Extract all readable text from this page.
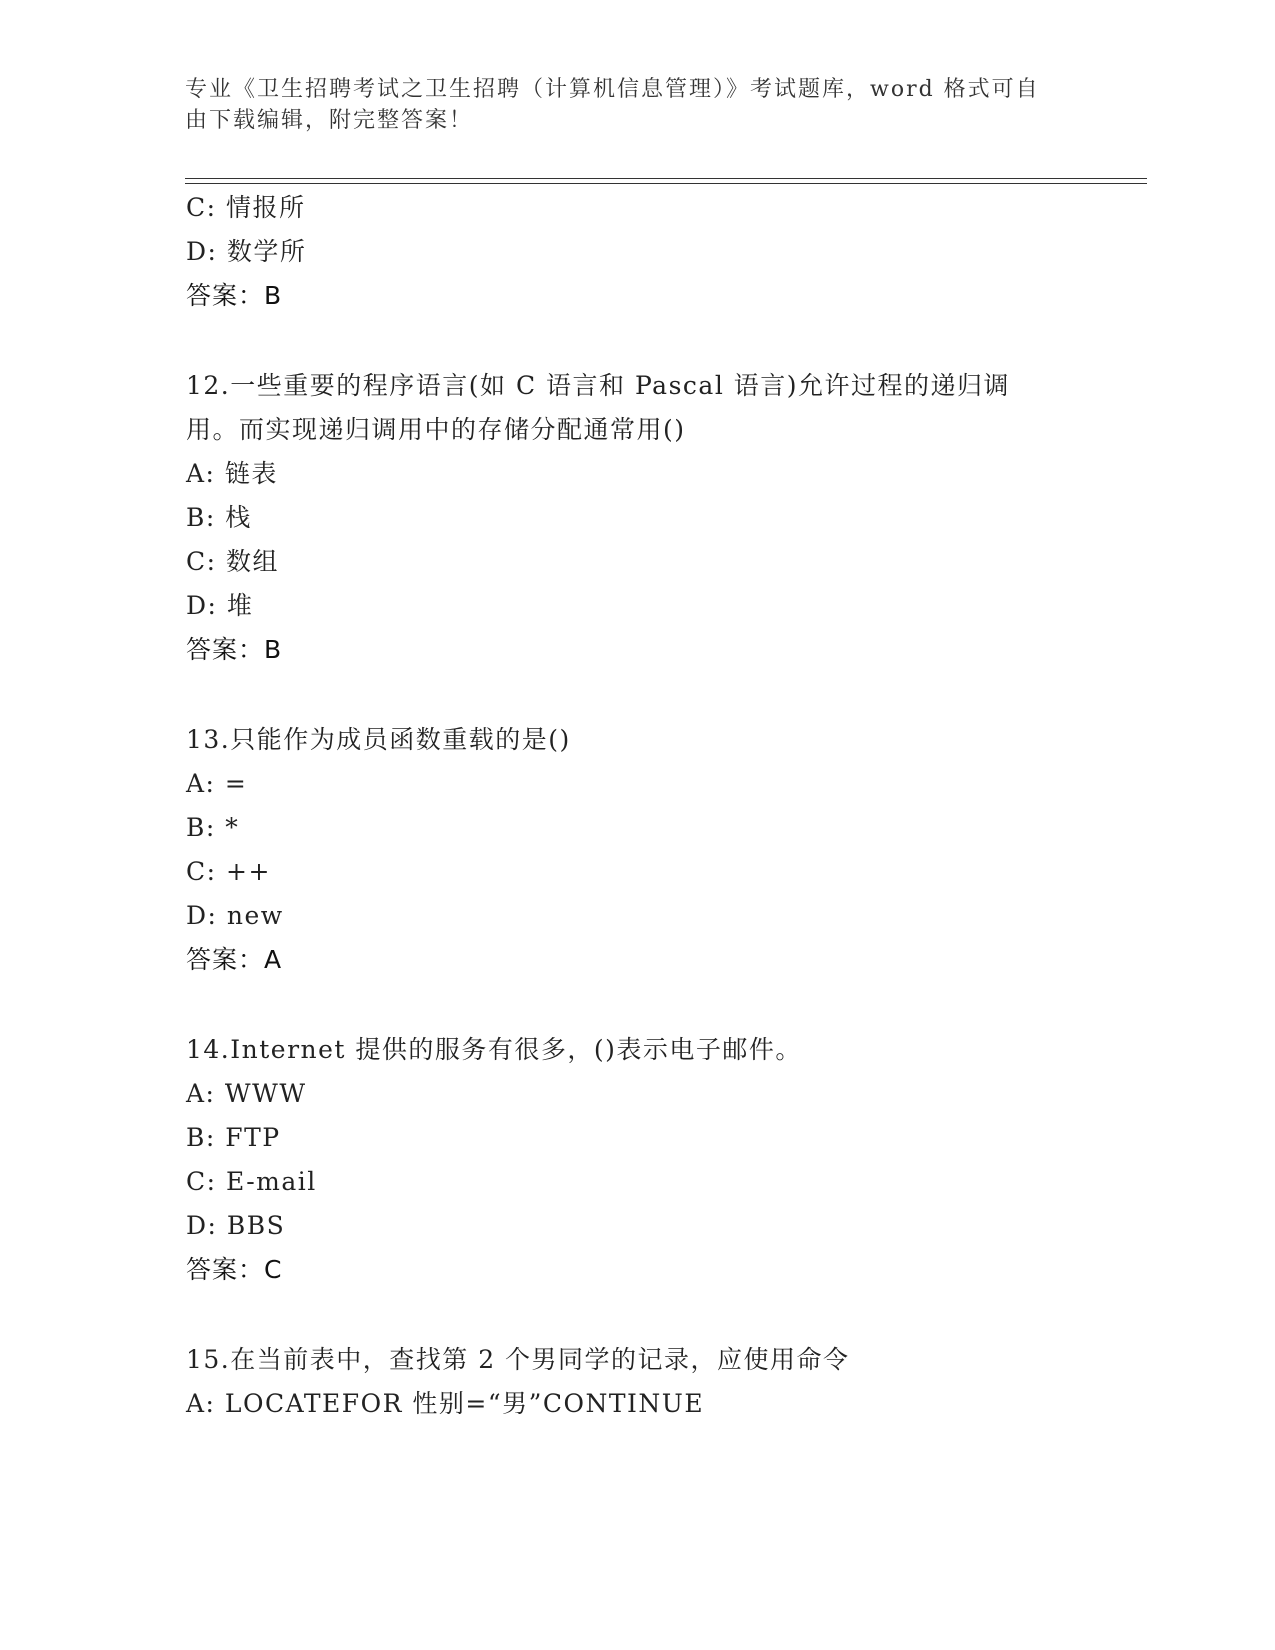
专业《卫生招聘考试之卫生招聘（计算机信息管理）》考试题库，word 格式可自
由下载编辑，附完整答案！
C: 情报所
D: 数学所
答案：B
12.一些重要的程序语言(如 C 语言和 Pascal 语言)允许过程的递归调
用。而实现递归调用中的存储分配通常用()
A: 链表
B: 栈
C: 数组
D: 堆
答案：B
13.只能作为成员函数重载的是()
A: =
B: *
C: ++
D: new
答案：A
14.Internet 提供的服务有很多，()表示电子邮件。
A: WWW
B: FTP
C: E-mail
D: BBS
答案：C
15.在当前表中，查找第 2 个男同学的记录，应使用命令
A: LOCATEFOR 性别=“男”CONTINUE
